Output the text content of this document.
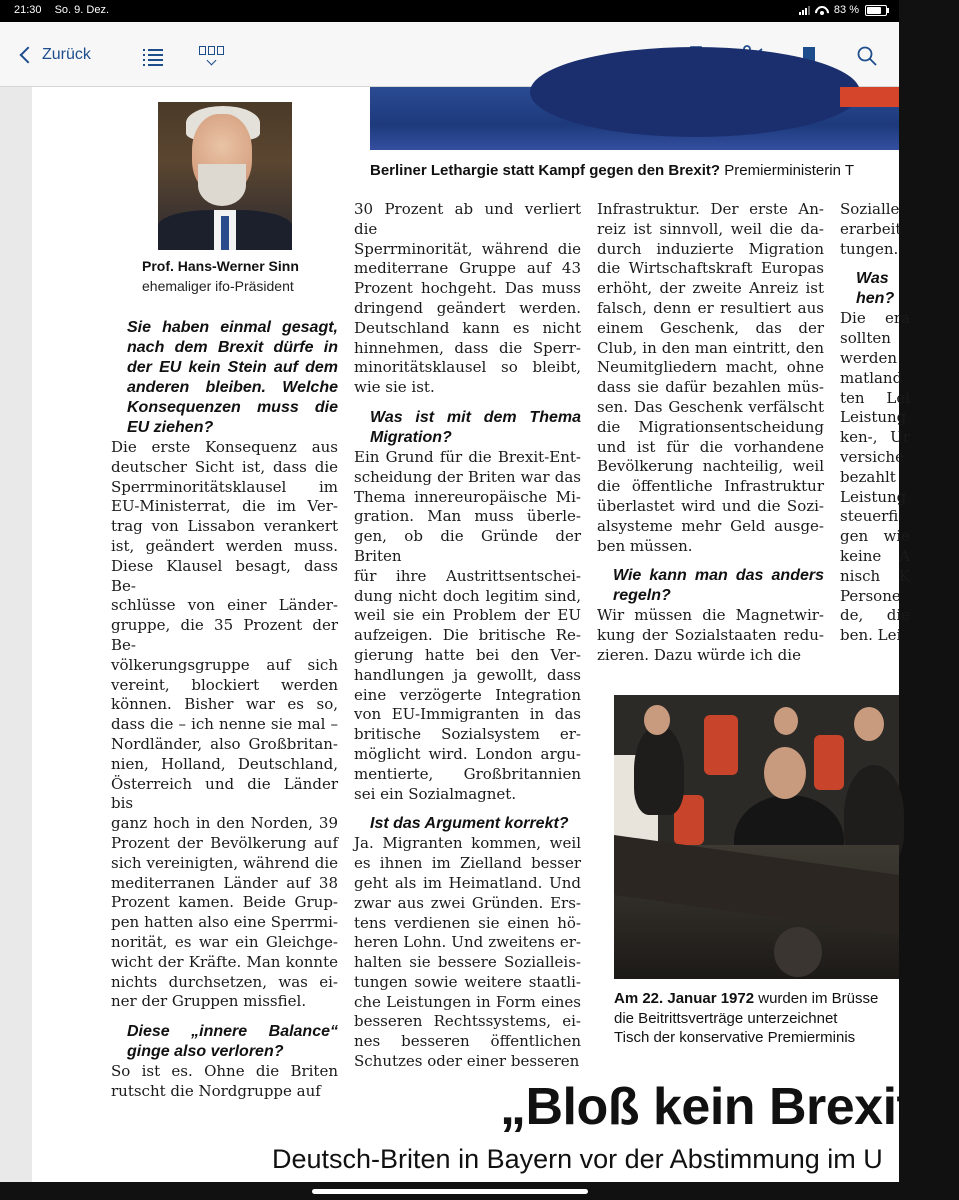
21:30 So. 9. Dez.	83 %
Zurück
Prof. Hans-Werner Sinn
ehemaliger ifo-Präsident
Berliner Lethargie statt Kampf gegen den Brexit? Premierministerin T
Sie haben einmal gesagt,
nach dem Brexit dürfe in
der EU kein Stein auf dem
anderen bleiben. Welche
Konsequenzen muss die
EU ziehen?
Die erste Konsequenz aus
deutscher Sicht ist, dass die
Sperrminoritätsklausel im
EU-Ministerrat, die im Ver-
trag von Lissabon verankert
ist, geändert werden muss.
Diese Klausel besagt, dass Be-
schlüsse von einer Länder-
gruppe, die 35 Prozent der Be-
völkerungsgruppe auf sich
vereint, blockiert werden
können. Bisher war es so,
dass die – ich nenne sie mal –
Nordländer, also Großbritan-
nien, Holland, Deutschland,
Österreich und die Länder bis
ganz hoch in den Norden, 39
Prozent der Bevölkerung auf
sich vereinigten, während die
mediterranen Länder auf 38
Prozent kamen. Beide Grup-
pen hatten also eine Sperrmi-
norität, es war ein Gleichge-
wicht der Kräfte. Man konnte
nichts durchsetzen, was ei-
ner der Gruppen missfiel.
Diese „innere Balance“
ginge also verloren?
So ist es. Ohne die Briten
rutscht die Nordgruppe auf
30 Prozent ab und verliert die
Sperrminorität, während die
mediterrane Gruppe auf 43
Prozent hochgeht. Das muss
dringend geändert werden.
Deutschland kann es nicht
hinnehmen, dass die Sperr-
minoritätsklausel so bleibt,
wie sie ist.
Was ist mit dem Thema
Migration?
Ein Grund für die Brexit-Ent-
scheidung der Briten war das
Thema innereuropäische Mi-
gration. Man muss überle-
gen, ob die Gründe der Briten
für ihre Austrittsentschei-
dung nicht doch legitim sind,
weil sie ein Problem der EU
aufzeigen. Die britische Re-
gierung hatte bei den Ver-
handlungen ja gewollt, dass
eine verzögerte Integration
von EU-Immigranten in das
britische Sozialsystem er-
möglicht wird. London argu-
mentierte, Großbritannien
sei ein Sozialmagnet.
Ist das Argument korrekt?
Ja. Migranten kommen, weil
es ihnen im Zielland besser
geht als im Heimatland. Und
zwar aus zwei Gründen. Ers-
tens verdienen sie einen hö-
heren Lohn. Und zweitens er-
halten sie bessere Sozialleis-
tungen sowie weitere staatli-
che Leistungen in Form eines
besseren Rechtssystems, ei-
nes besseren öffentlichen
Schutzes oder einer besseren
Infrastruktur. Der erste An-
reiz ist sinnvoll, weil die da-
durch induzierte Migration
die Wirtschaftskraft Europas
erhöht, der zweite Anreiz ist
falsch, denn er resultiert aus
einem Geschenk, das der
Club, in den man eintritt, den
Neumitgliedern macht, ohne
dass sie dafür bezahlen müs-
sen. Das Geschenk verfälscht
die Migrationsentscheidung
und ist für die vorhandene
Bevölkerung nachteilig, weil
die öffentliche Infrastruktur
überlastet wird und die Sozi-
alsysteme mehr Geld ausge-
ben müssen.
Wie kann man das anders
regeln?
Wir müssen die Magnetwir-
kung der Sozialstaaten redu-
zieren. Dazu würde ich die
Sozialle
erarbeit
tungen.
Was i
hen?
Die era
sollten
werden
matland
ten Lei
Leistung
ken-, Ur
versiche
bezahlt
Leistung
steuerfi
gen wie
keine A
nisch K
Persone
de, die
ben. Lei
Am 22. Januar 1972 wurden im Brüsse
die Beitrittsverträge unterzeichnet
Tisch der konservative Premierminis
„Bloß kein Brexit o
Deutsch-Briten in Bayern vor der Abstimmung im U
